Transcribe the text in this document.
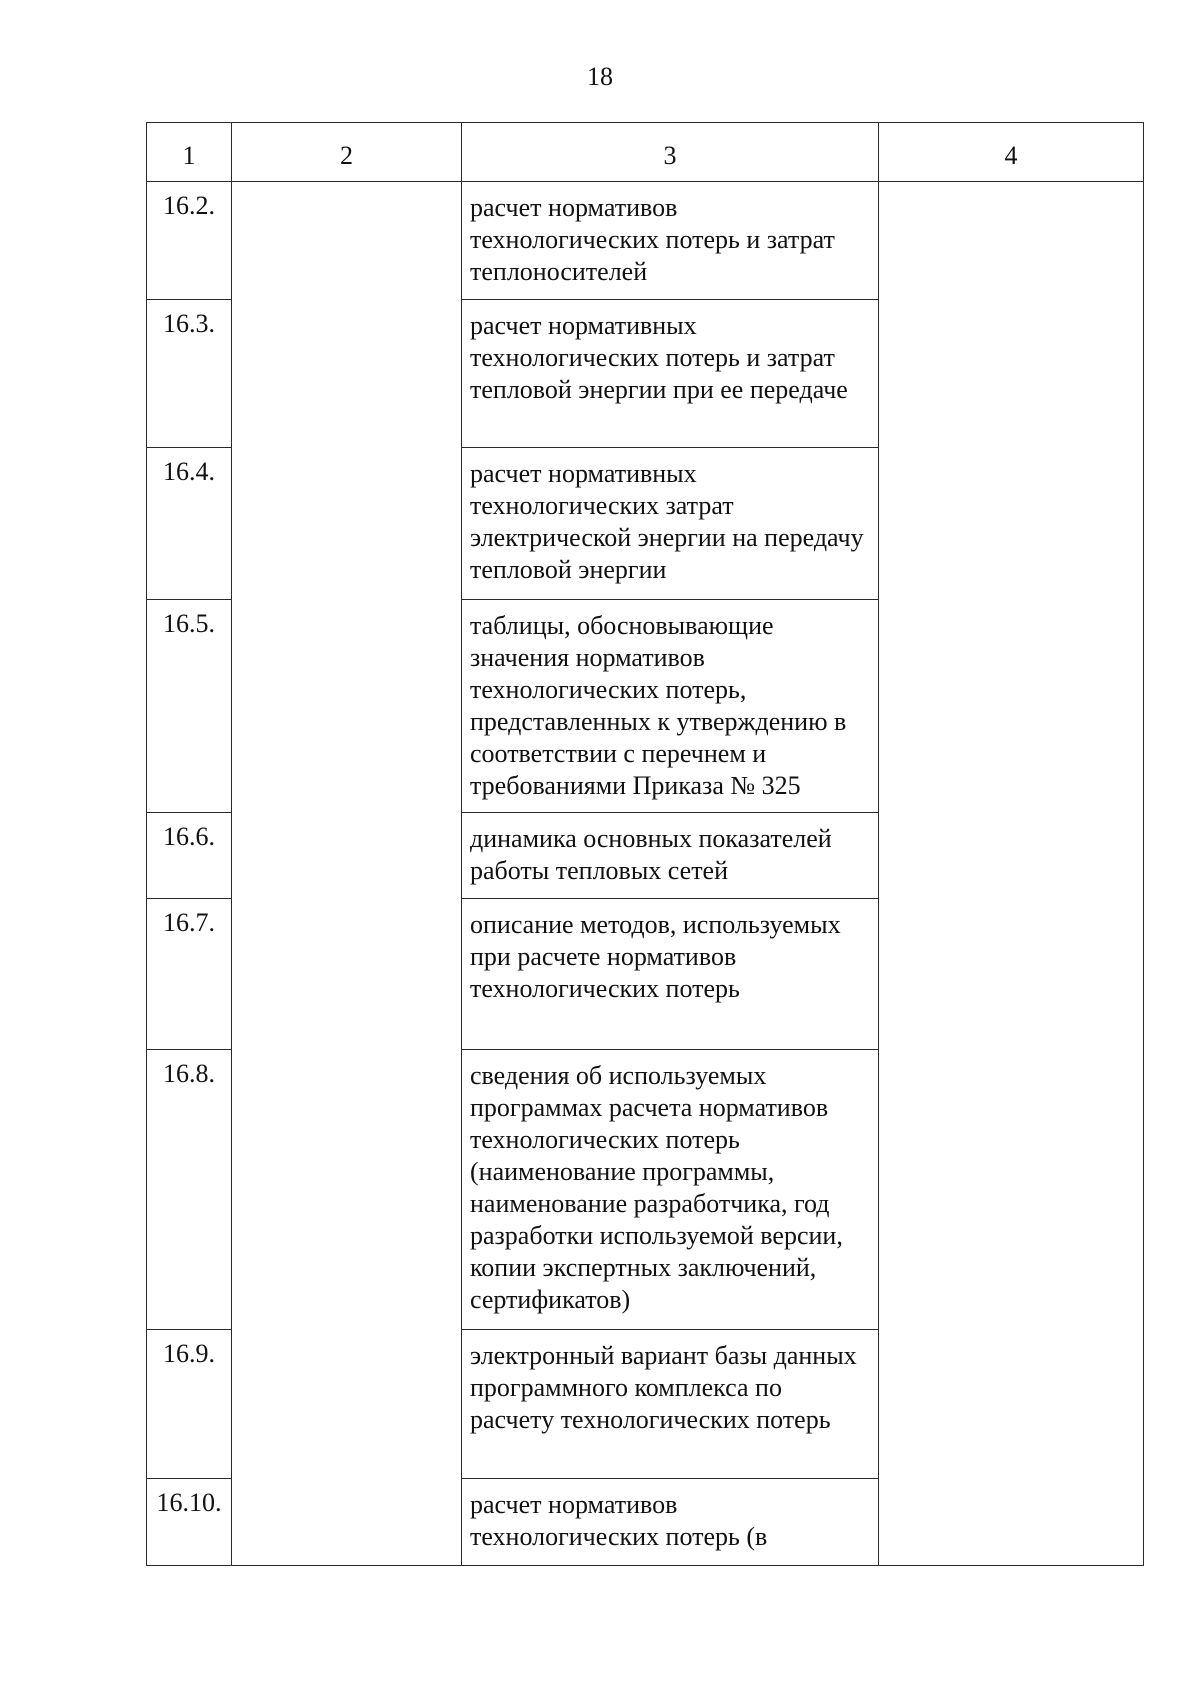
18
1	2	3	4
16.2.		расчет нормативов технологических потерь и затрат теплоносителей	
16.3.		расчет нормативных технологических потерь и затрат тепловой энергии при ее передаче	
16.4.		расчет нормативных технологических затрат электрической энергии на передачу тепловой энергии	
16.5.		таблицы, обосновывающие значения нормативов технологических потерь, представленных к утверждению в соответствии с перечнем и требованиями Приказа № 325	
16.6.		динамика основных показателей работы тепловых сетей	
16.7.		описание методов, используемых при расчете нормативов технологических потерь	
16.8.		сведения об используемых программах расчета нормативов технологических потерь (наименование программы, наименование разработчика, год разработки используемой версии, копии экспертных заключений, сертификатов)	
16.9.		электронный вариант базы данных программного комплекса по расчету технологических потерь	
16.10.		расчет нормативов технологических потерь (в	
